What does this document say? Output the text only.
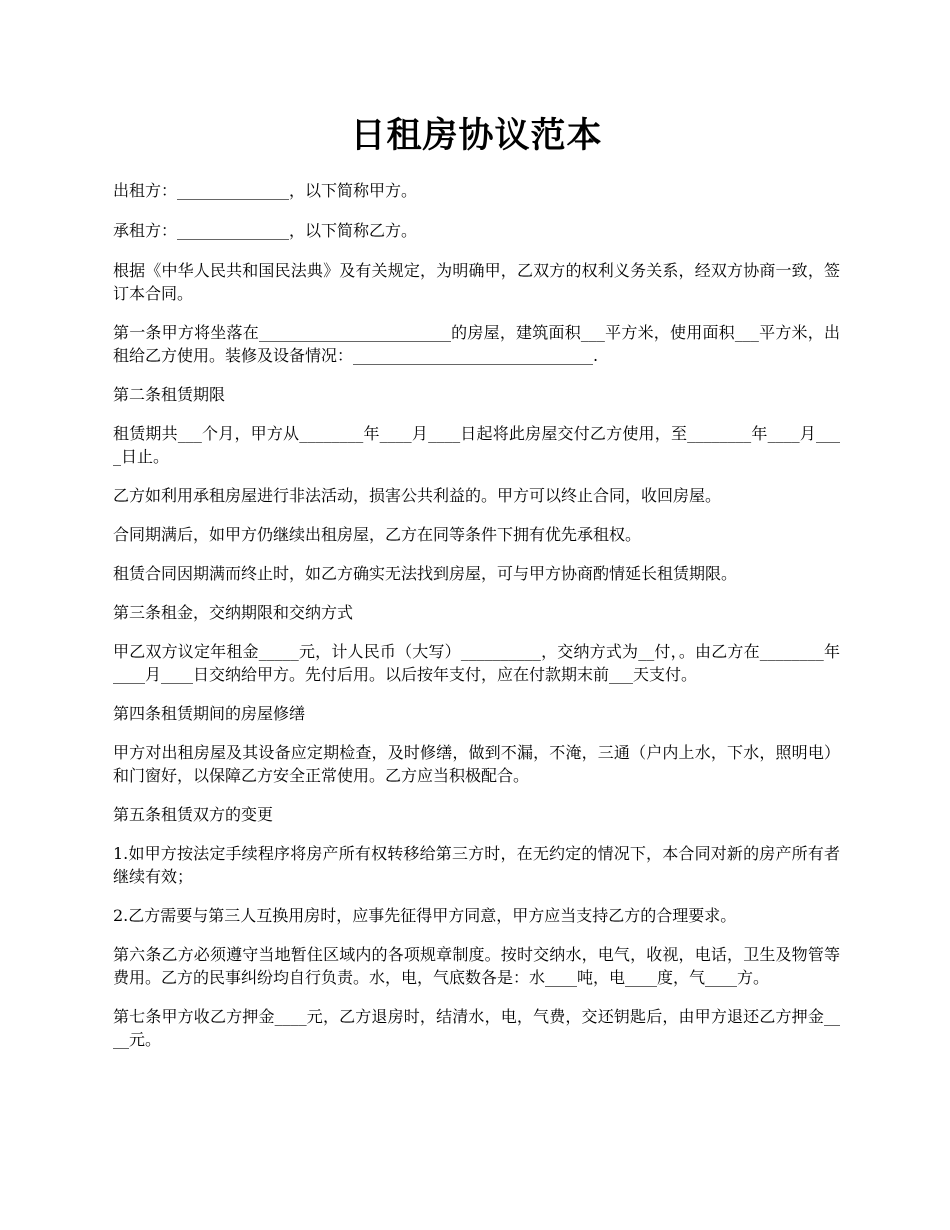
日租房协议范本

出租方：______________，以下简称甲方。

承租方：______________，以下简称乙方。

根据《中华人民共和国民法典》及有关规定，为明确甲，乙双方的权利义务关系，经双方协商一致，签订本合同。

第一条甲方将坐落在________________________的房屋，建筑面积___平方米，使用面积___平方米，出租给乙方使用。装修及设备情况：______________________________.

第二条租赁期限

租赁期共___个月，甲方从________年____月____日起将此房屋交付乙方使用，至________年____月____日止。

乙方如利用承租房屋进行非法活动，损害公共利益的。甲方可以终止合同，收回房屋。

合同期满后，如甲方仍继续出租房屋，乙方在同等条件下拥有优先承租权。

租赁合同因期满而终止时，如乙方确实无法找到房屋，可与甲方协商酌情延长租赁期限。

第三条租金，交纳期限和交纳方式

甲乙双方议定年租金_____元，计人民币（大写）__________，交纳方式为__付，。由乙方在________年____月____日交纳给甲方。先付后用。以后按年支付，应在付款期末前___天支付。

第四条租赁期间的房屋修缮

甲方对出租房屋及其设备应定期检查，及时修缮，做到不漏，不淹，三通（户内上水，下水，照明电）和门窗好，以保障乙方安全正常使用。乙方应当积极配合。

第五条租赁双方的变更

1.如甲方按法定手续程序将房产所有权转移给第三方时，在无约定的情况下，本合同对新的房产所有者继续有效；

2.乙方需要与第三人互换用房时，应事先征得甲方同意，甲方应当支持乙方的合理要求。

第六条乙方必须遵守当地暂住区域内的各项规章制度。按时交纳水，电气，收视，电话，卫生及物管等费用。乙方的民事纠纷均自行负责。水，电，气底数各是：水____吨，电____度，气____方。

第七条甲方收乙方押金____元，乙方退房时，结清水，电，气费，交还钥匙后，由甲方退还乙方押金____元。
